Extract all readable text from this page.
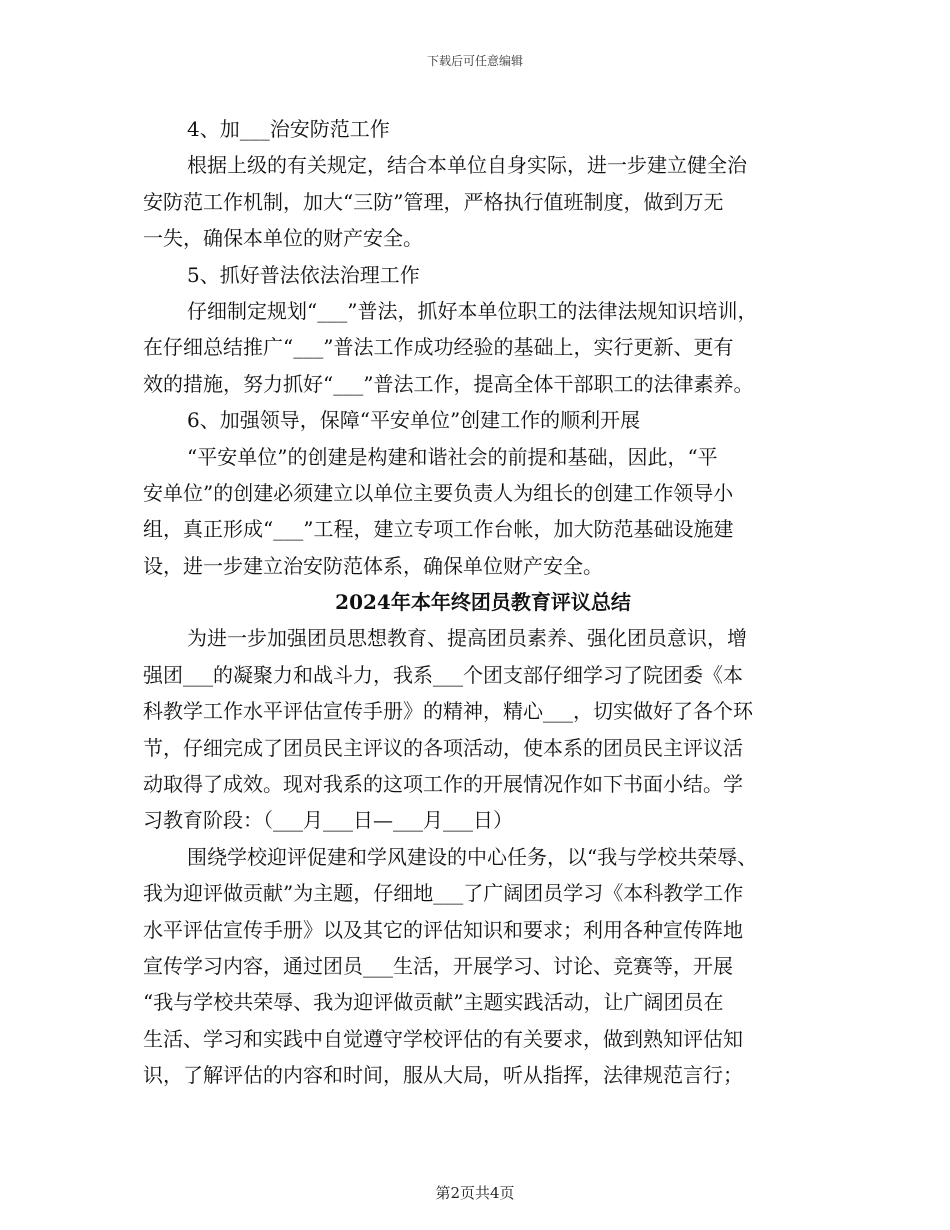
下载后可任意编辑
4、加___治安防范工作
根据上级的有关规定，结合本单位自身实际，进一步建立健全治
安防范工作机制，加大“三防”管理，严格执行值班制度，做到万无
一失，确保本单位的财产安全。
5、抓好普法依法治理工作
仔细制定规划“___”普法，抓好本单位职工的法律法规知识培训，
在仔细总结推广“___”普法工作成功经验的基础上，实行更新、更有
效的措施，努力抓好“___”普法工作，提高全体干部职工的法律素养。
6、加强领导，保障“平安单位”创建工作的顺利开展
“平安单位”的创建是构建和谐社会的前提和基础，因此，“平
安单位”的创建必须建立以单位主要负责人为组长的创建工作领导小
组，真正形成“___”工程，建立专项工作台帐，加大防范基础设施建
设，进一步建立治安防范体系，确保单位财产安全。
2024年本年终团员教育评议总结
为进一步加强团员思想教育、提高团员素养、强化团员意识，增
强团___的凝聚力和战斗力，我系___个团支部仔细学习了院团委《本
科教学工作水平评估宣传手册》的精神，精心___，切实做好了各个环
节，仔细完成了团员民主评议的各项活动，使本系的团员民主评议活
动取得了成效。现对我系的这项工作的开展情况作如下书面小结。学
习教育阶段：（___月___日—___月___日）
围绕学校迎评促建和学风建设的中心任务，以“我与学校共荣辱、
我为迎评做贡献”为主题，仔细地___了广阔团员学习《本科教学工作
水平评估宣传手册》以及其它的评估知识和要求；利用各种宣传阵地
宣传学习内容，通过团员___生活，开展学习、讨论、竞赛等，开展
“我与学校共荣辱、我为迎评做贡献”主题实践活动，让广阔团员在
生活、学习和实践中自觉遵守学校评估的有关要求，做到熟知评估知
识，了解评估的内容和时间，服从大局，听从指挥，法律规范言行；
第2页共4页
